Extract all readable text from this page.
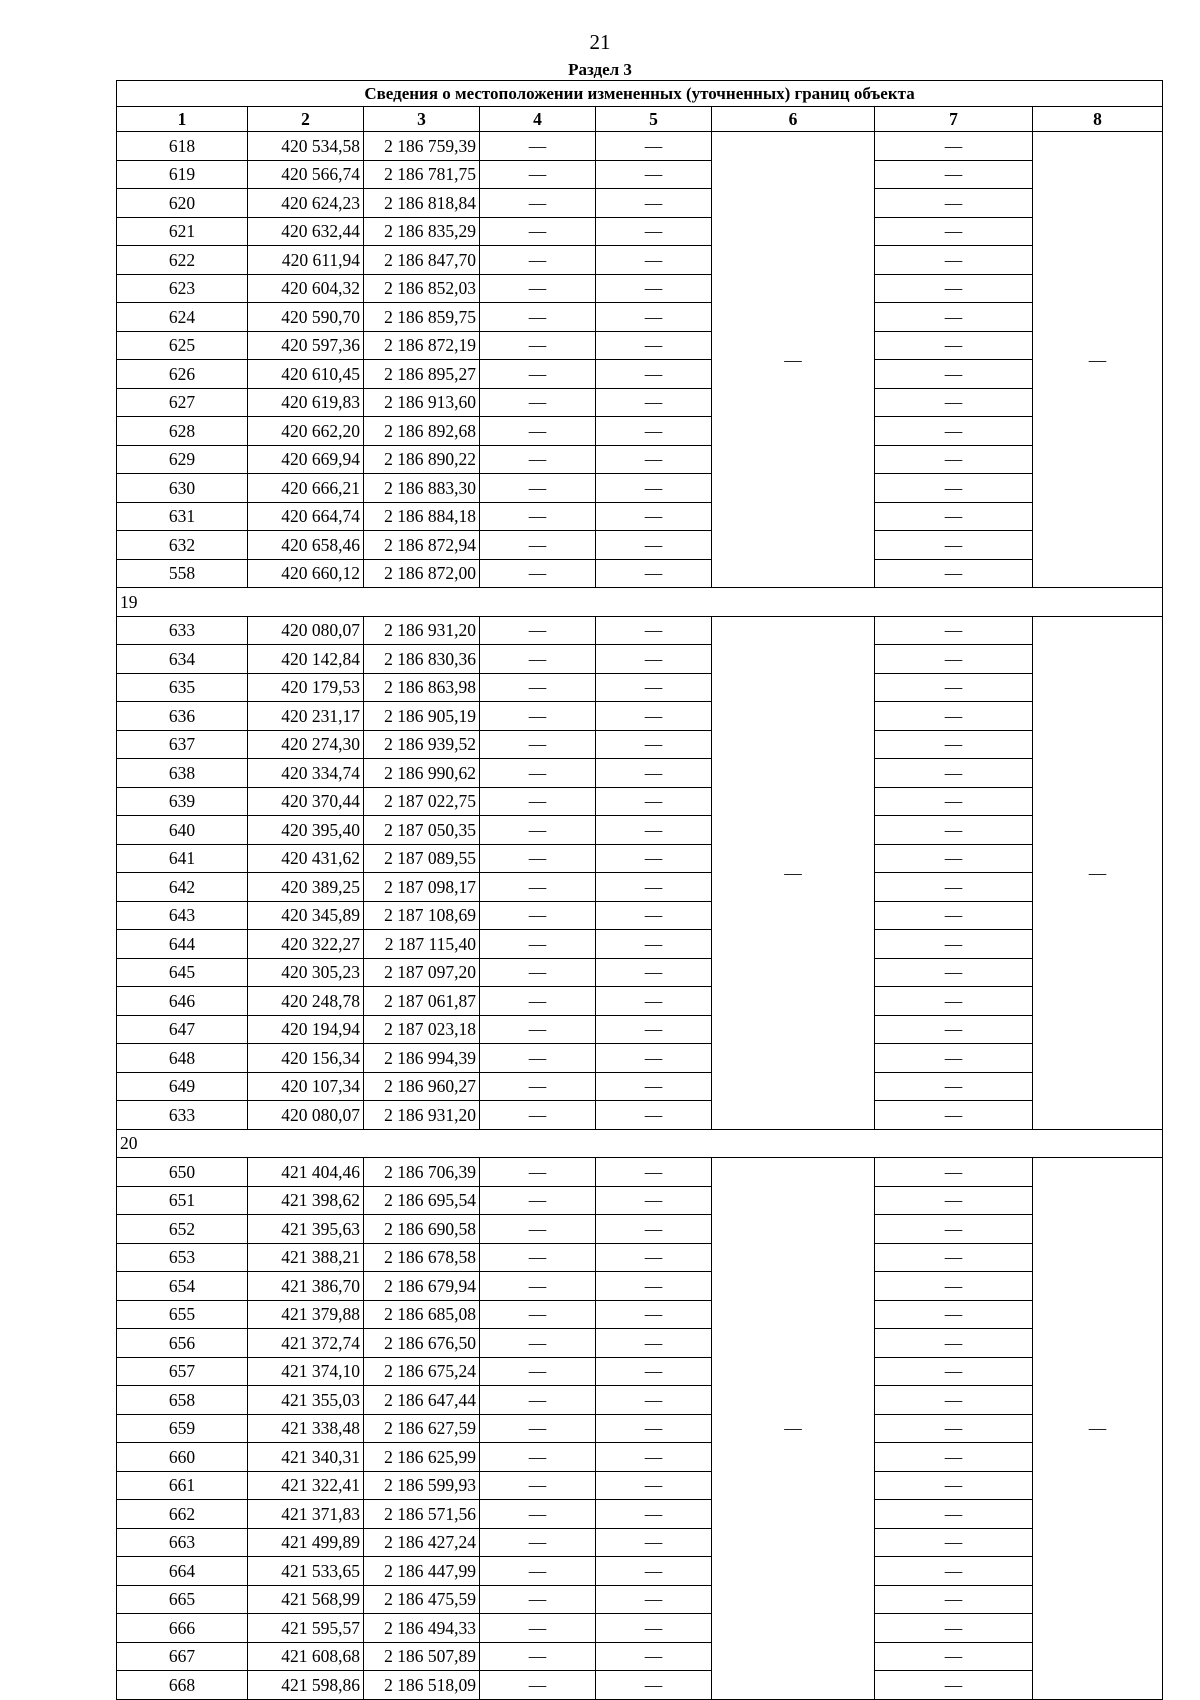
21
Раздел 3
Сведения о местоположении измененных (уточненных) границ объекта							
1	2	3	4	5	6	7	8
618	420 534,58	2 186 759,39	—	—	—	—	—
619	420 566,74	2 186 781,75	—	—		—	
620	420 624,23	2 186 818,84	—	—		—	
621	420 632,44	2 186 835,29	—	—		—	
622	420 611,94	2 186 847,70	—	—		—	
623	420 604,32	2 186 852,03	—	—		—	
624	420 590,70	2 186 859,75	—	—		—	
625	420 597,36	2 186 872,19	—	—		—	
626	420 610,45	2 186 895,27	—	—		—	
627	420 619,83	2 186 913,60	—	—		—	
628	420 662,20	2 186 892,68	—	—		—	
629	420 669,94	2 186 890,22	—	—		—	
630	420 666,21	2 186 883,30	—	—		—	
631	420 664,74	2 186 884,18	—	—		—	
632	420 658,46	2 186 872,94	—	—		—	
558	420 660,12	2 186 872,00	—	—		—	
19							
633	420 080,07	2 186 931,20	—	—	—	—	—
634	420 142,84	2 186 830,36	—	—		—	
635	420 179,53	2 186 863,98	—	—		—	
636	420 231,17	2 186 905,19	—	—		—	
637	420 274,30	2 186 939,52	—	—		—	
638	420 334,74	2 186 990,62	—	—		—	
639	420 370,44	2 187 022,75	—	—		—	
640	420 395,40	2 187 050,35	—	—		—	
641	420 431,62	2 187 089,55	—	—		—	
642	420 389,25	2 187 098,17	—	—		—	
643	420 345,89	2 187 108,69	—	—		—	
644	420 322,27	2 187 115,40	—	—		—	
645	420 305,23	2 187 097,20	—	—		—	
646	420 248,78	2 187 061,87	—	—		—	
647	420 194,94	2 187 023,18	—	—		—	
648	420 156,34	2 186 994,39	—	—		—	
649	420 107,34	2 186 960,27	—	—		—	
633	420 080,07	2 186 931,20	—	—		—	
20							
650	421 404,46	2 186 706,39	—	—	—	—	—
651	421 398,62	2 186 695,54	—	—		—	
652	421 395,63	2 186 690,58	—	—		—	
653	421 388,21	2 186 678,58	—	—		—	
654	421 386,70	2 186 679,94	—	—		—	
655	421 379,88	2 186 685,08	—	—		—	
656	421 372,74	2 186 676,50	—	—		—	
657	421 374,10	2 186 675,24	—	—		—	
658	421 355,03	2 186 647,44	—	—		—	
659	421 338,48	2 186 627,59	—	—		—	
660	421 340,31	2 186 625,99	—	—		—	
661	421 322,41	2 186 599,93	—	—		—	
662	421 371,83	2 186 571,56	—	—		—	
663	421 499,89	2 186 427,24	—	—		—	
664	421 533,65	2 186 447,99	—	—		—	
665	421 568,99	2 186 475,59	—	—		—	
666	421 595,57	2 186 494,33	—	—		—	
667	421 608,68	2 186 507,89	—	—		—	
668	421 598,86	2 186 518,09	—	—		—	
